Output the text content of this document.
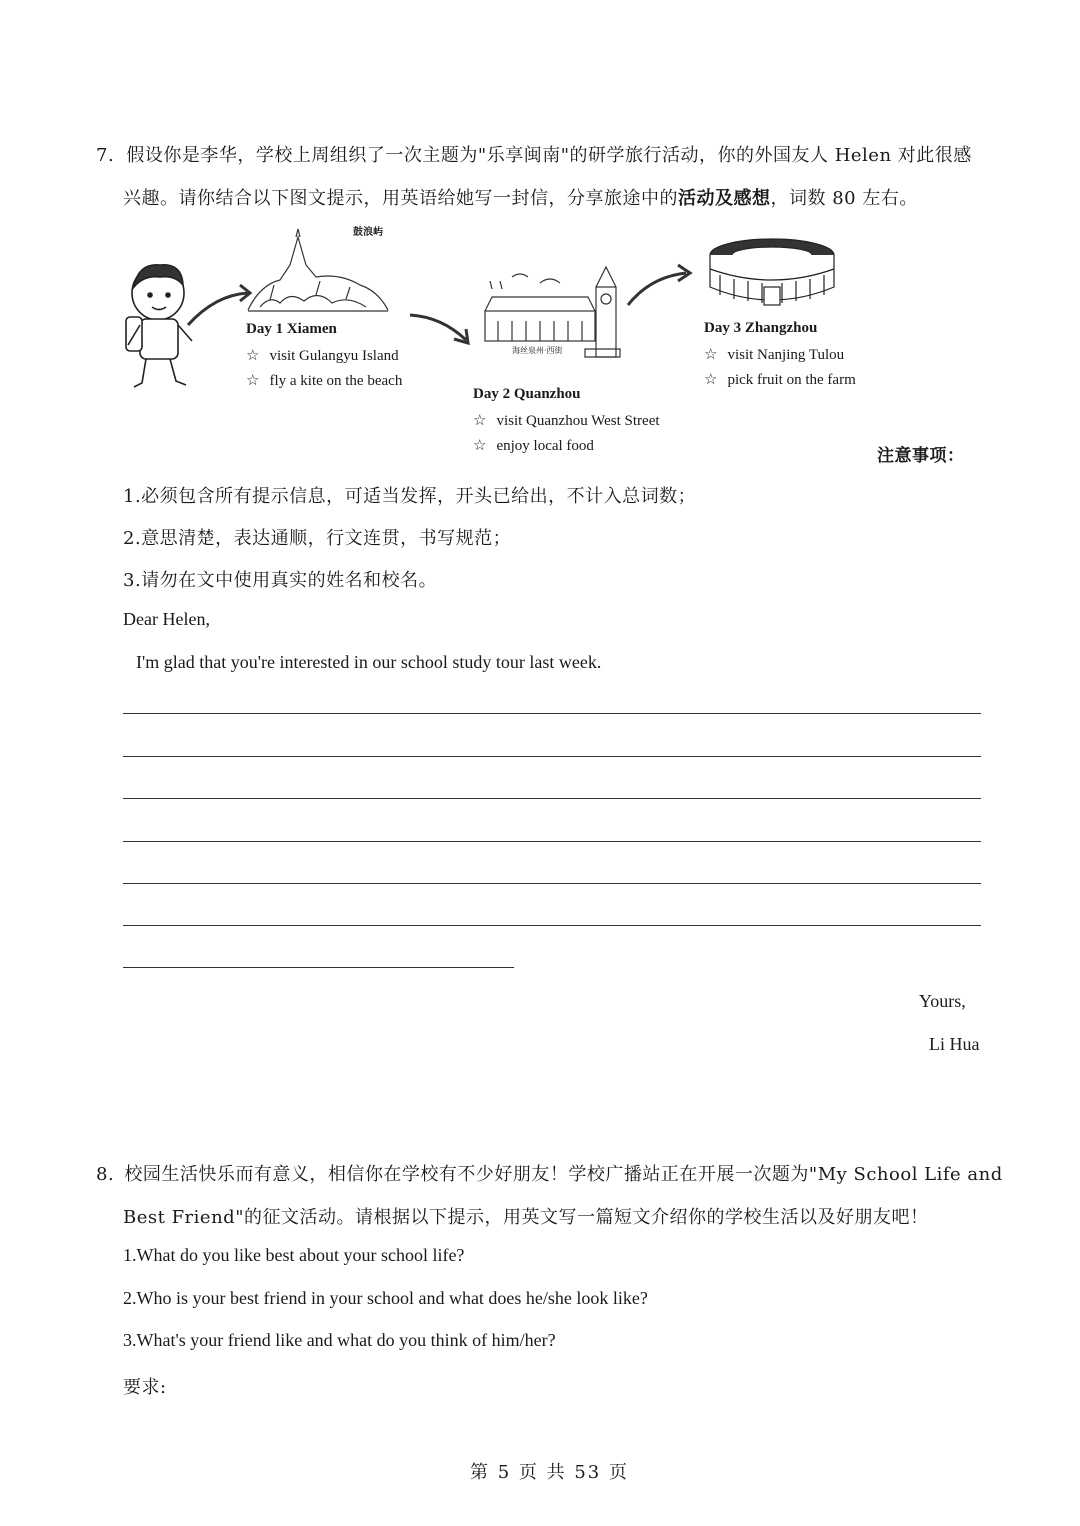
7. 假设你是李华，学校上周组织了一次主题为"乐享闽南"的研学旅行活动，你的外国友人 Helen 对此很感
兴趣。请你结合以下图文提示，用英语给她写一封信，分享旅途中的活动及感想，词数 80 左右。
鼓浪屿
海丝泉州·西街
Day 1 Xiamen
☆ visit Gulangyu Island
☆ fly a kite on the beach
Day 2 Quanzhou
☆ visit Quanzhou West Street
☆ enjoy local food
Day 3 Zhangzhou
☆ visit Nanjing Tulou
☆ pick fruit on the farm
注意事项：
1.必须包含所有提示信息，可适当发挥，开头已给出，不计入总词数；
2.意思清楚，表达通顺，行文连贯，书写规范；
3.请勿在文中使用真实的姓名和校名。
Dear Helen,
I'm glad that you're interested in our school study tour last week.
Yours,
Li Hua
8. 校园生活快乐而有意义，相信你在学校有不少好朋友！学校广播站正在开展一次题为"My School Life and
Best Friend"的征文活动。请根据以下提示，用英文写一篇短文介绍你的学校生活以及好朋友吧！
1.What do you like best about your school life?
2.Who is your best friend in your school and what does he/she look like?
3.What's your friend like and what do you think of him/her?
要求:
第 5 页 共 53 页
